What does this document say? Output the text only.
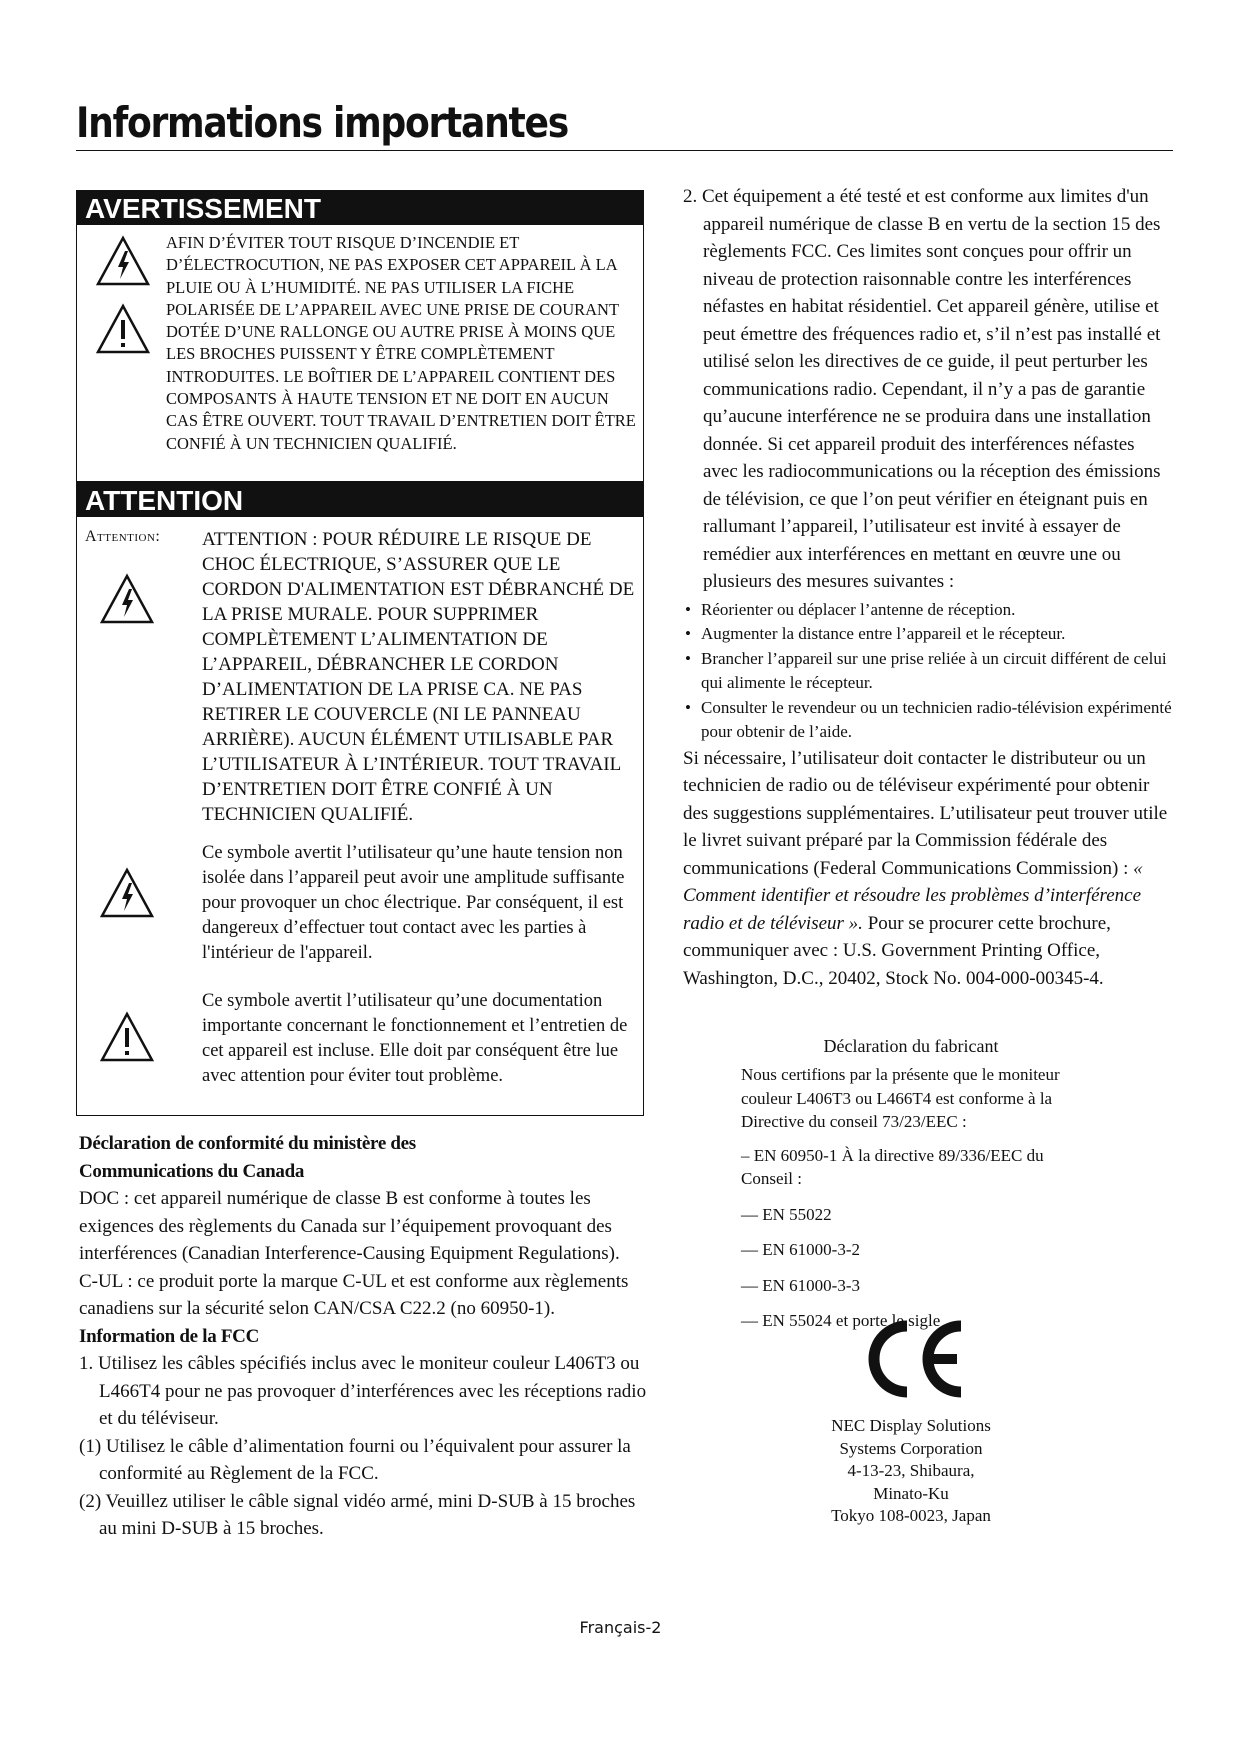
Informations importantes
AVERTISSEMENT
AFIN D’ÉVITER TOUT RISQUE D’INCENDIE ET D’ÉLECTROCUTION, NE PAS EXPOSER CET APPAREIL À LA PLUIE OU À L’HUMIDITÉ. NE PAS UTILISER LA FICHE POLARISÉE DE L’APPAREIL AVEC UNE PRISE DE COURANT DOTÉE D’UNE RALLONGE OU AUTRE PRISE À MOINS QUE LES BROCHES PUISSENT Y ÊTRE COMPLÈTEMENT INTRODUITES. LE BOÎTIER DE L’APPAREIL CONTIENT DES COMPOSANTS À HAUTE TENSION ET NE DOIT EN AUCUN CAS ÊTRE OUVERT. TOUT TRAVAIL D’ENTRETIEN DOIT ÊTRE CONFIÉ À UN TECHNICIEN QUALIFIÉ.
ATTENTION
Attention: ATTENTION : POUR RÉDUIRE LE RISQUE DE CHOC ÉLECTRIQUE, S’ASSURER QUE LE CORDON D'ALIMENTATION EST DÉBRANCHÉ DE LA PRISE MURALE. POUR SUPPRIMER COMPLÈTEMENT L’ALIMENTATION DE L’APPAREIL, DÉBRANCHER LE CORDON D’ALIMENTATION DE LA PRISE CA. NE PAS RETIRER LE COUVERCLE (NI LE PANNEAU ARRIÈRE). AUCUN ÉLÉMENT UTILISABLE PAR L’UTILISATEUR À L’INTÉRIEUR. TOUT TRAVAIL D’ENTRETIEN DOIT ÊTRE CONFIÉ À UN TECHNICIEN QUALIFIÉ.
Ce symbole avertit l’utilisateur qu’une haute tension non isolée dans l’appareil peut avoir une amplitude suffisante pour provoquer un choc électrique. Par conséquent, il est dangereux d’effectuer tout contact avec les parties à l'intérieur de l'appareil.
Ce symbole avertit l’utilisateur qu’une documentation importante concernant le fonctionnement et l’entretien de cet appareil est incluse. Elle doit par conséquent être lue avec attention pour éviter tout problème.

Déclaration de conformité du ministère des Communications du Canada

DOC : cet appareil numérique de classe B est conforme à toutes les exigences des règlements du Canada sur l’équipement provoquant des interférences (Canadian Interference-Causing Equipment Regulations).

C-UL : ce produit porte la marque C-UL et est conforme aux règlements canadiens sur la sécurité selon CAN/CSA C22.2 (no 60950-1).

Information de la FCC

1. Utilisez les câbles spécifiés inclus avec le moniteur couleur L406T3 ou L466T4 pour ne pas provoquer d’interférences avec les réceptions radio et du téléviseur.

(1) Utilisez le câble d’alimentation fourni ou l’équivalent pour assurer la conformité au Règlement de la FCC.

(2) Veuillez utiliser le câble signal vidéo armé, mini D-SUB à 15 broches au mini D-SUB à 15 broches.

2. Cet équipement a été testé et est conforme aux limites d'un appareil numérique de classe B en vertu de la section 15 des règlements FCC. Ces limites sont conçues pour offrir un niveau de protection raisonnable contre les interférences néfastes en habitat résidentiel. Cet appareil génère, utilise et peut émettre des fréquences radio et, s’il n’est pas installé et utilisé selon les directives de ce guide, il peut perturber les communications radio. Cependant, il n’y a pas de garantie qu’aucune interférence ne se produira dans une installation donnée. Si cet appareil produit des interférences néfastes avec les radiocommunications ou la réception des émissions de télévision, ce que l’on peut vérifier en éteignant puis en rallumant l’appareil, l’utilisateur est invité à essayer de remédier aux interférences en mettant en œuvre une ou plusieurs des mesures suivantes :

• Réorienter ou déplacer l’antenne de réception.

• Augmenter la distance entre l’appareil et le récepteur.

• Brancher l’appareil sur une prise reliée à un circuit différent de celui qui alimente le récepteur.

• Consulter le revendeur ou un technicien radio-télévision expérimenté pour obtenir de l’aide.

Si nécessaire, l’utilisateur doit contacter le distributeur ou un technicien de radio ou de téléviseur expérimenté pour obtenir des suggestions supplémentaires. L’utilisateur peut trouver utile le livret suivant préparé par la Commission fédérale des communications (Federal Communications Commission) : « Comment identifier et résoudre les problèmes d’interférence radio et de téléviseur ». Pour se procurer cette brochure, communiquer avec : U.S. Government Printing Office, Washington, D.C., 20402, Stock No. 004-000-00345-4.

Déclaration du fabricant

Nous certifions par la présente que le moniteur couleur L406T3 ou L466T4 est conforme à la Directive du conseil 73/23/EEC :

– EN 60950-1 À la directive 89/336/EEC du Conseil :

— EN 55022

— EN 61000-3-2

— EN 61000-3-3

— EN 55024 et porte le sigle

NEC Display Solutions
Systems Corporation
4-13-23, Shibaura,
Minato-Ku
Tokyo 108-0023, Japan
Français-2
